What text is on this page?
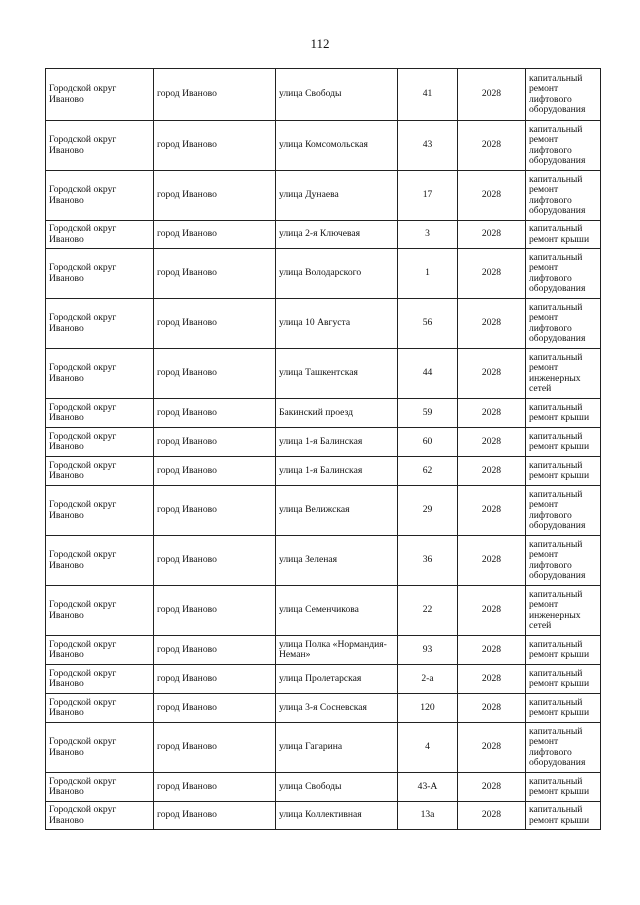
112
Городской округ Иваново	город Иваново	улица Свободы	41	2028	капитальный ремонт лифтового оборудования
Городской округ Иваново	город Иваново	улица Комсомольская	43	2028	капитальный ремонт лифтового оборудования
Городской округ Иваново	город Иваново	улица Дунаева	17	2028	капитальный ремонт лифтового оборудования
Городской округ Иваново	город Иваново	улица 2-я Ключевая	3	2028	капитальный ремонт крыши
Городской округ Иваново	город Иваново	улица Володарского	1	2028	капитальный ремонт лифтового оборудования
Городской округ Иваново	город Иваново	улица 10 Августа	56	2028	капитальный ремонт лифтового оборудования
Городской округ Иваново	город Иваново	улица Ташкентская	44	2028	капитальный ремонт инженерных сетей
Городской округ Иваново	город Иваново	Бакинский проезд	59	2028	капитальный ремонт крыши
Городской округ Иваново	город Иваново	улица 1-я Балинская	60	2028	капитальный ремонт крыши
Городской округ Иваново	город Иваново	улица 1-я Балинская	62	2028	капитальный ремонт крыши
Городской округ Иваново	город Иваново	улица Велижская	29	2028	капитальный ремонт лифтового оборудования
Городской округ Иваново	город Иваново	улица Зеленая	36	2028	капитальный ремонт лифтового оборудования
Городской округ Иваново	город Иваново	улица Семенчикова	22	2028	капитальный ремонт инженерных сетей
Городской округ Иваново	город Иваново	улица Полка «Нормандия-Неман»	93	2028	капитальный ремонт крыши
Городской округ Иваново	город Иваново	улица Пролетарская	2-а	2028	капитальный ремонт крыши
Городской округ Иваново	город Иваново	улица 3-я Сосневская	120	2028	капитальный ремонт крыши
Городской округ Иваново	город Иваново	улица Гагарина	4	2028	капитальный ремонт лифтового оборудования
Городской округ Иваново	город Иваново	улица Свободы	43-А	2028	капитальный ремонт крыши
Городской округ Иваново	город Иваново	улица Коллективная	13а	2028	капитальный ремонт крыши
